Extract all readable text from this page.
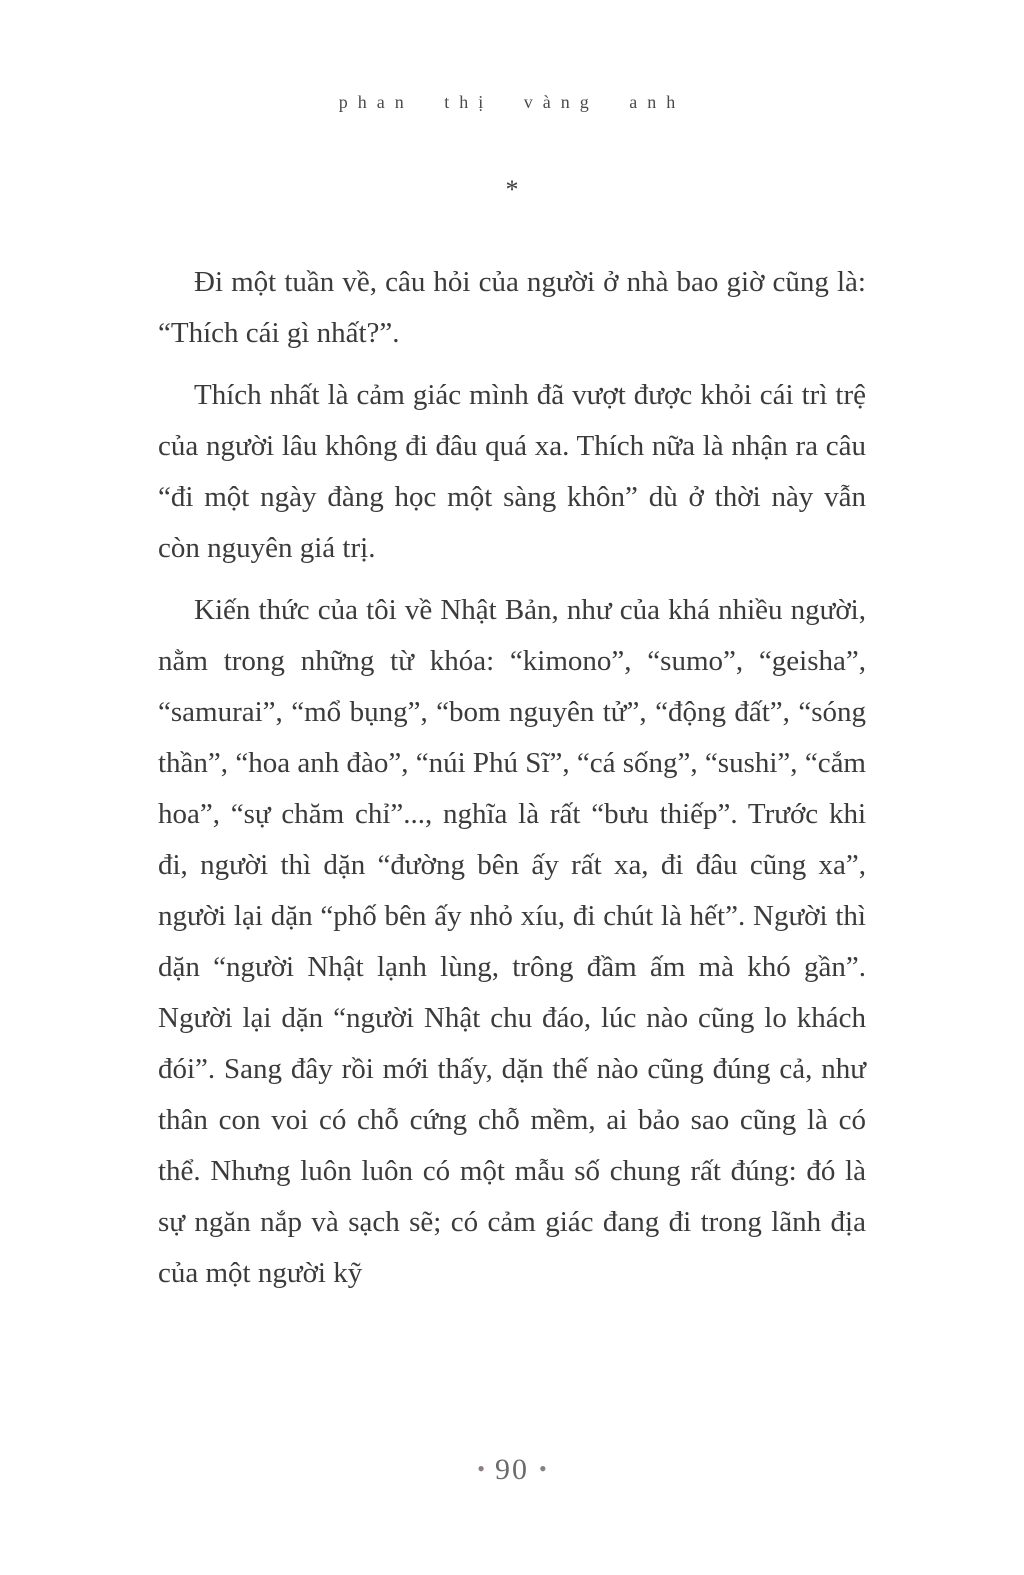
phan thị vàng anh
*

Đi một tuần về, câu hỏi của người ở nhà bao giờ cũng là: “Thích cái gì nhất?”.

Thích nhất là cảm giác mình đã vượt được khỏi cái trì trệ của người lâu không đi đâu quá xa. Thích nữa là nhận ra câu “đi một ngày đàng học một sàng khôn” dù ở thời này vẫn còn nguyên giá trị.

Kiến thức của tôi về Nhật Bản, như của khá nhiều người, nằm trong những từ khóa: “kimono”, “sumo”, “geisha”, “samurai”, “mổ bụng”, “bom nguyên tử”, “động đất”, “sóng thần”, “hoa anh đào”, “núi Phú Sĩ”, “cá sống”, “sushi”, “cắm hoa”, “sự chăm chỉ”..., nghĩa là rất “bưu thiếp”. Trước khi đi, người thì dặn “đường bên ấy rất xa, đi đâu cũng xa”, người lại dặn “phố bên ấy nhỏ xíu, đi chút là hết”. Người thì dặn “người Nhật lạnh lùng, trông đầm ấm mà khó gần”. Người lại dặn “người Nhật chu đáo, lúc nào cũng lo khách đói”. Sang đây rồi mới thấy, dặn thế nào cũng đúng cả, như thân con voi có chỗ cứng chỗ mềm, ai bảo sao cũng là có thể. Nhưng luôn luôn có một mẫu số chung rất đúng: đó là sự ngăn nắp và sạch sẽ; có cảm giác đang đi trong lãnh địa của một người kỹ

• 90 •
